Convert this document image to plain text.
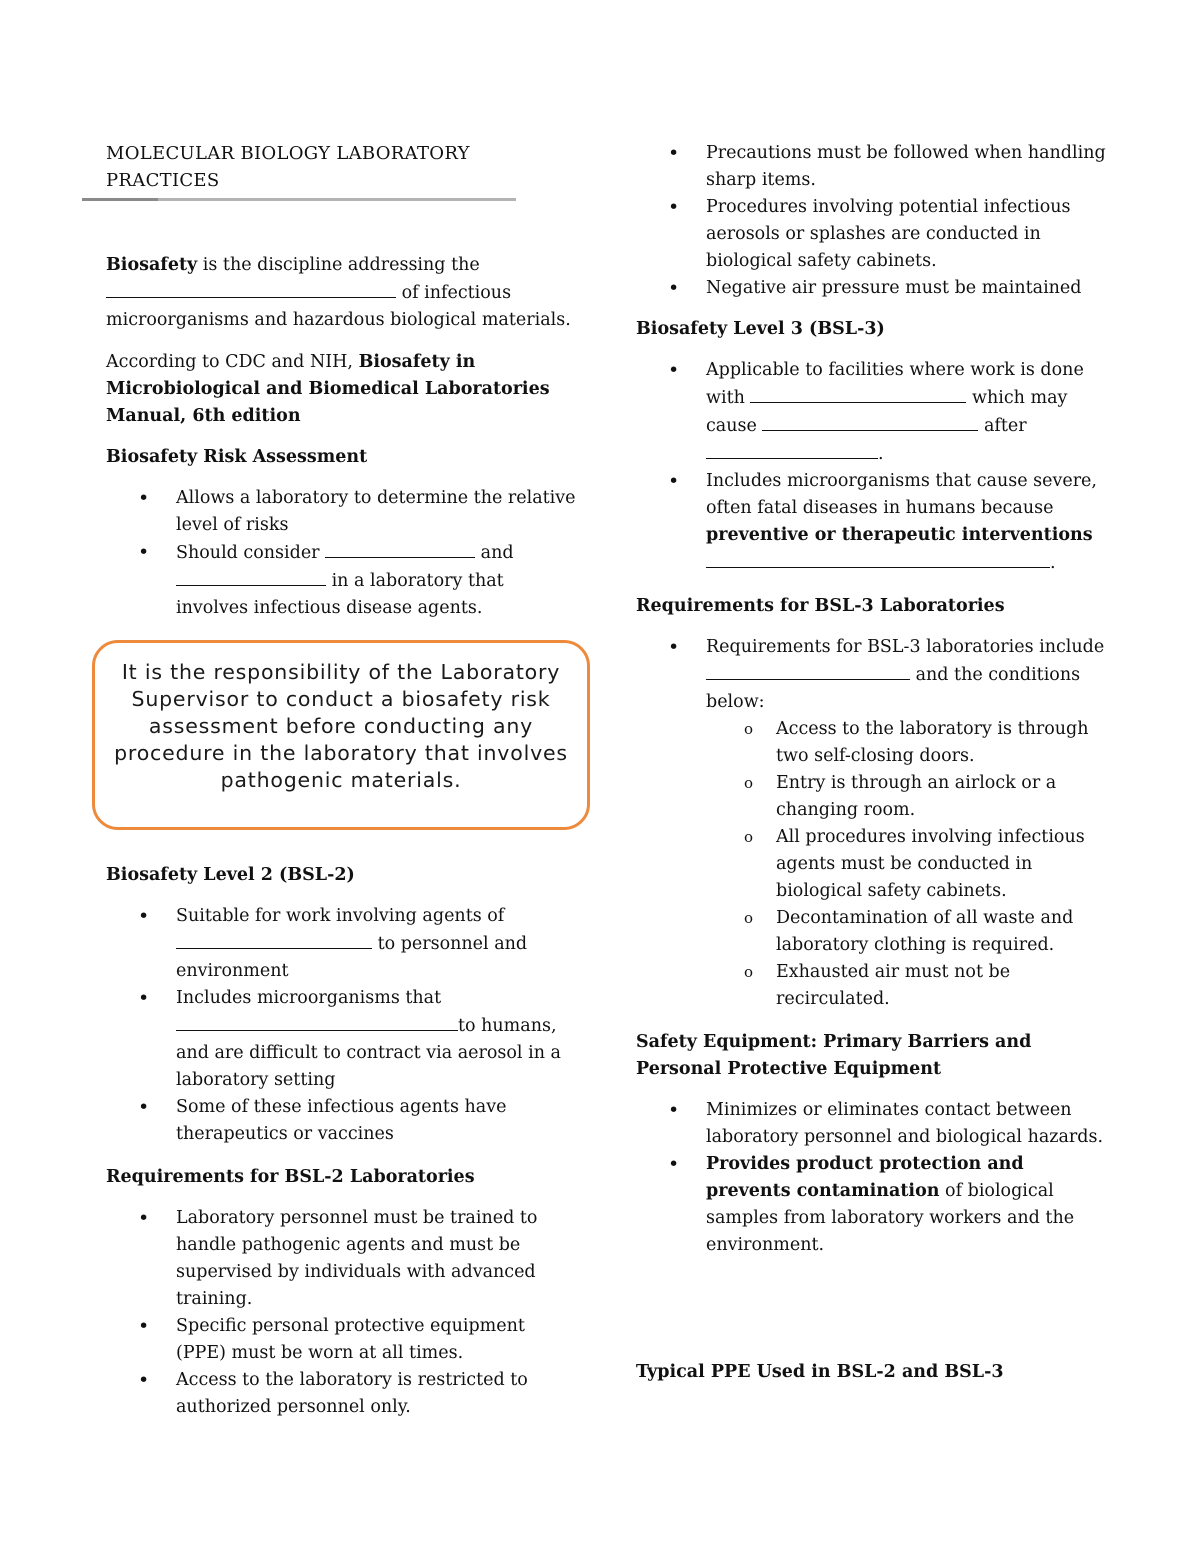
MOLECULAR BIOLOGY LABORATORY
PRACTICES

Biosafety is the discipline addressing the
of infectious
microorganisms and hazardous biological materials.

According to CDC and NIH, Biosafety in Microbiological and Biomedical Laboratories Manual, 6th edition

Biosafety Risk Assessment

• Allows a laboratory to determine the relative level of risks
• Should consider	and
in a laboratory that involves infectious disease agents.

Biosafety Level 2 (BSL-2)

• Suitable for work involving agents of
to personnel and environment
• Includes microorganisms that
to humans, and are difficult to contract via aerosol in a laboratory setting
• Some of these infectious agents have therapeutics or vaccines

Requirements for BSL-2 Laboratories

• Laboratory personnel must be trained to handle pathogenic agents and must be supervised by individuals with advanced training.
• Specific personal protective equipment (PPE) must be worn at all times.
• Access to the laboratory is restricted to authorized personnel only.
It is the responsibility of the Laboratory Supervisor to conduct a biosafety risk assessment before conducting any procedure in the laboratory that involves pathogenic materials.
• Precautions must be followed when handling sharp items.
• Procedures involving potential infectious aerosols or splashes are conducted in biological safety cabinets.
• Negative air pressure must be maintained

Biosafety Level 3 (BSL-3)

• Applicable to facilities where work is done with	which may cause	after
.
• Includes microorganisms that cause severe, often fatal diseases in humans because preventive or therapeutic interventions
.

Requirements for BSL-3 Laboratories

• Requirements for BSL-3 laboratories include  and the conditions below:
o Access to the laboratory is through two self-closing doors.
o Entry is through an airlock or a changing room.
o All procedures involving infectious agents must be conducted in biological safety cabinets.
o Decontamination of all waste and laboratory clothing is required.
o Exhausted air must not be recirculated.

Safety Equipment: Primary Barriers and Personal Protective Equipment

• Minimizes or eliminates contact between laboratory personnel and biological hazards.
• Provides product protection and prevents contamination of biological samples from laboratory workers and the environment.

Typical PPE Used in BSL-2 and BSL-3
